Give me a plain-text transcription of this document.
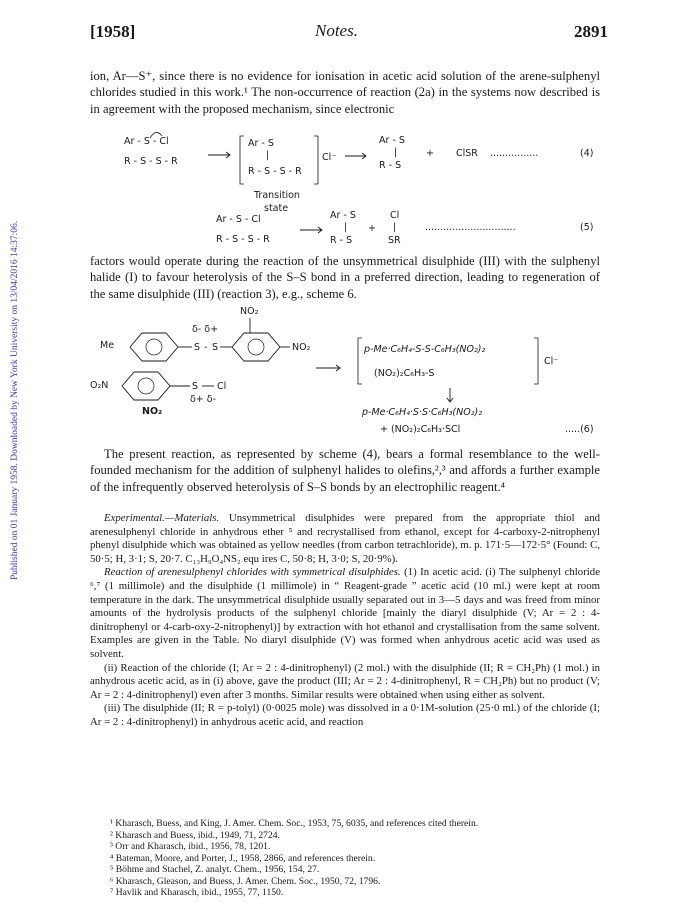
Published on 01 January 1958. Downloaded by New York University on 13/04/2016 14:37:06.
[1958]	Notes.	2891

ion, Ar—S⁺, since there is no evidence for ionisation in acetic acid solution of the arene-sulphenyl chlorides studied in this work.¹ The non-occurrence of reaction (2a) in the systems now described is in agreement with the proposed mechanism, since electronic

Ar - S - Cl
R - S - S - R
Ar - S
|
R - S - S - R
Cl⁻
Transition
state
Ar - S
|
R - S
+ ClSR ................	(4)
Ar - S - Cl
R - S - S - R
Ar - S
|
R - S
+
Cl
|
SR
..............................	(5)

factors would operate during the reaction of the unsymmetrical disulphide (III) with the sulphenyl halide (I) to favour heterolysis of the S–S bond in a preferred direction, leading to regeneration of the same disulphide (III) (reaction 3), e.g., scheme 6.

NO₂
Me
δ- δ+
S - S	NO₂
O₂N	S Cl
δ+ δ-
NO₂
p-Me·C₆H₄-S-S-C₆H₃(NO₂)₂
(NO₂)₂C₆H₃-S
Cl⁻
p-Me·C₆H₄·S·S·C₆H₃(NO₂)₂
+ (NO₂)₂C₆H₃·SCl	.....(6)

The present reaction, as represented by scheme (4), bears a formal resemblance to the well-founded mechanism for the addition of sulphenyl halides to olefins,²,³ and affords a further example of the infrequently observed heterolysis of S–S bonds by an electrophilic reagent.⁴

Experimental.—Materials. Unsymmetrical disulphides were prepared from the appropriate thiol and arenesulphenyl chloride in anhydrous ether ⁵ and recrystallised from ethanol, except for 4-carboxy-2-nitrophenyl phenyl disulphide which was obtained as yellow needles (from carbon tetrachloride), m. p. 171·5—172·5° (Found: C, 50·5; H, 3·1; S, 20·7. C₁₃H₉O₄NS₂ equ ires C, 50·8; H, 3·0; S, 20·9%).

Reaction of arenesulphenyl chlorides with symmetrical disulphides. (1) In acetic acid. (i) The sulphenyl chloride ⁶,⁷ (1 millimole) and the disulphide (1 millimole) in “ Reagent-grade ” acetic acid (10 ml.) were kept at room temperature in the dark. The unsymmetrical disulphide usually separated out in 3—5 days and was freed from minor amounts of the hydrolysis products of the sulphenyl chloride [mainly the diaryl disulphide (V; Ar = 2 : 4-dinitrophenyl or 4-carb-oxy-2-nitrophenyl)] by extraction with hot ethanol and crystallisation from the same solvent. Examples are given in the Table. No diaryl disulphide (V) was formed when anhydrous acetic acid was used as solvent.

(ii) Reaction of the chloride (I; Ar = 2 : 4-dinitrophenyl) (2 mol.) with the disulphide (II; R = CH₂Ph) (1 mol.) in anhydrous acetic acid, as in (i) above, gave the product (III; Ar = 2 : 4-dinitrophenyl, R = CH₂Ph) but no product (V; Ar = 2 : 4-dinitrophenyl) even after 3 months. Similar results were obtained when using either as solvent.

(iii) The disulphide (II; R = p-tolyl) (0·0025 mole) was dissolved in a 0·1M-solution (25·0 ml.) of the chloride (I; Ar = 2 : 4-dinitrophenyl) in anhydrous acetic acid, and reaction

¹ Kharasch, Buess, and King, J. Amer. Chem. Soc., 1953, 75, 6035, and references cited therein.

² Kharasch and Buess, ibid., 1949, 71, 2724.

³ Orr and Kharasch, ibid., 1956, 78, 1201.

⁴ Bateman, Moore, and Porter, J., 1958, 2866, and references therein.

⁵ Böhme and Stachel, Z. analyt. Chem., 1956, 154, 27.

⁶ Kharasch, Gleason, and Buess, J. Amer. Chem. Soc., 1950, 72, 1796.

⁷ Havlik and Kharasch, ibid., 1955, 77, 1150.
